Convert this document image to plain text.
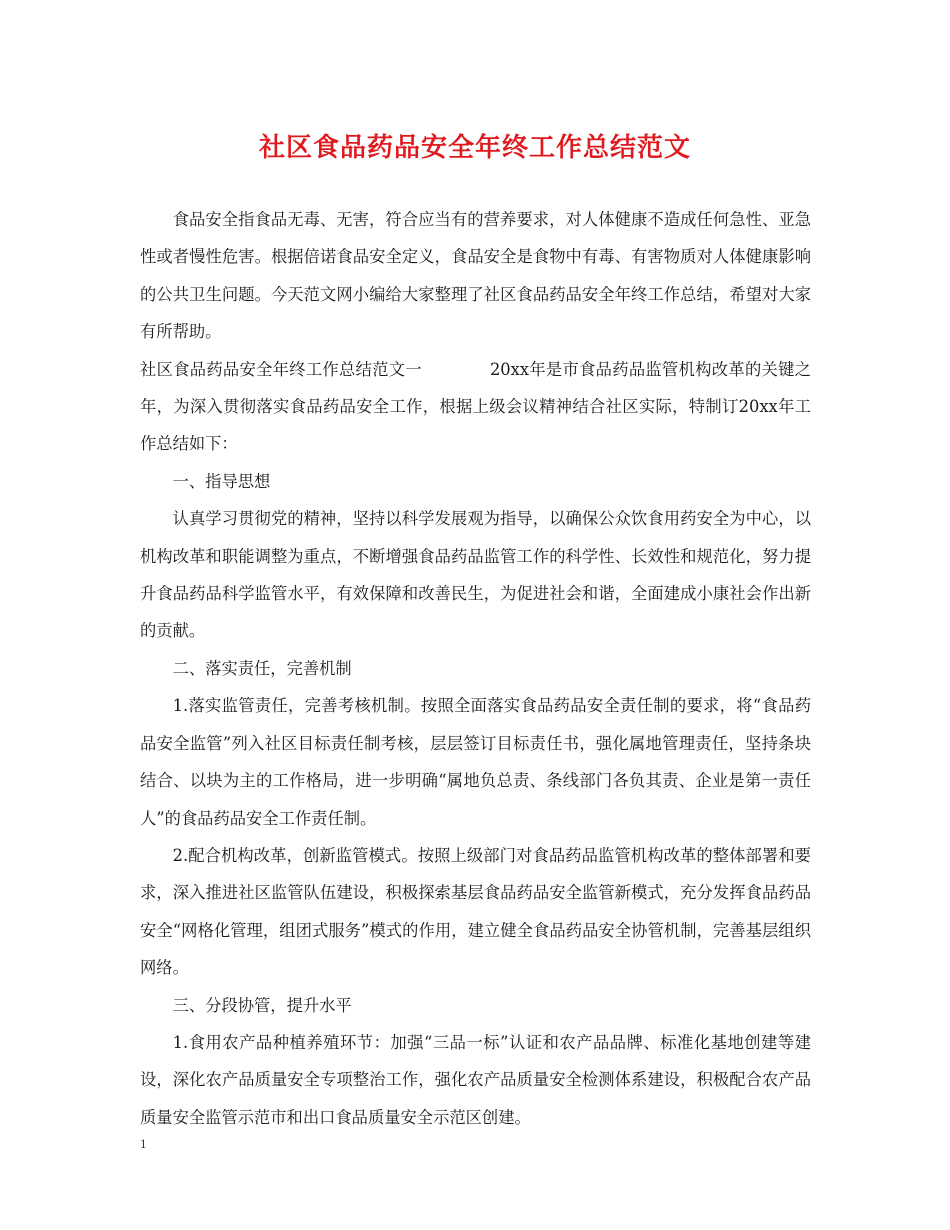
社区食品药品安全年终工作总结范文

食品安全指食品无毒、无害，符合应当有的营养要求，对人体健康不造成任何急性、亚急性或者慢性危害。根据倍诺食品安全定义，食品安全是食物中有毒、有害物质对人体健康影响的公共卫生问题。今天范文网小编给大家整理了社区食品药品安全年终工作总结，希望对大家有所帮助。

社区食品药品安全年终工作总结范文一	20xx年是市食品药品监管机构改革的关键之年，为深入贯彻落实食品药品安全工作，根据上级会议精神结合社区实际，特制订20xx年工作总结如下：

一、指导思想

认真学习贯彻党的精神，坚持以科学发展观为指导，以确保公众饮食用药安全为中心，以机构改革和职能调整为重点，不断增强食品药品监管工作的科学性、长效性和规范化，努力提升食品药品科学监管水平，有效保障和改善民生，为促进社会和谐，全面建成小康社会作出新的贡献。

二、落实责任，完善机制

1.落实监管责任，完善考核机制。按照全面落实食品药品安全责任制的要求，将“食品药品安全监管”列入社区目标责任制考核，层层签订目标责任书，强化属地管理责任，坚持条块结合、以块为主的工作格局，进一步明确“属地负总责、条线部门各负其责、企业是第一责任人”的食品药品安全工作责任制。

2.配合机构改革，创新监管模式。按照上级部门对食品药品监管机构改革的整体部署和要求，深入推进社区监管队伍建设，积极探索基层食品药品安全监管新模式，充分发挥食品药品安全“网格化管理，组团式服务”模式的作用，建立健全食品药品安全协管机制，完善基层组织网络。

三、分段协管，提升水平

1.食用农产品种植养殖环节：加强“三品一标”认证和农产品品牌、标准化基地创建等建设，深化农产品质量安全专项整治工作，强化农产品质量安全检测体系建设，积极配合农产品质量安全监管示范市和出口食品质量安全示范区创建。

1
